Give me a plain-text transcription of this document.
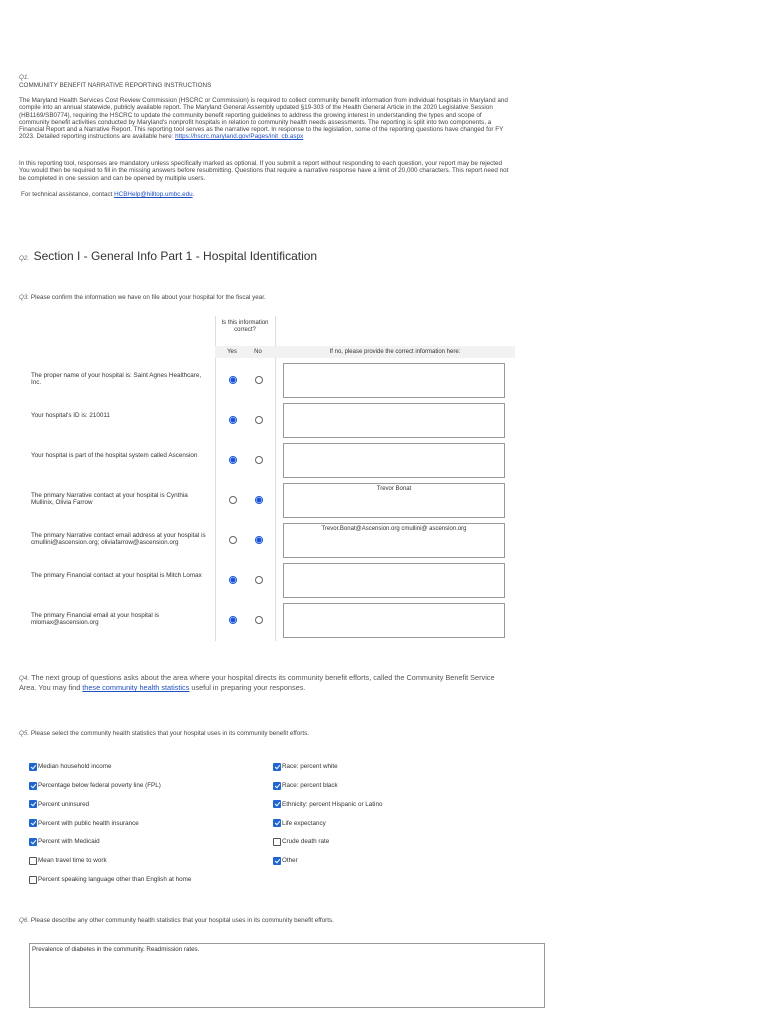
Q1.
COMMUNITY BENEFIT NARRATIVE REPORTING INSTRUCTIONS
The Maryland Health Services Cost Review Commission (HSCRC or Commission) is required to collect community benefit information from individual hospitals in Maryland and compile into an annual statewide, publicly available report. The Maryland General Assembly updated §19-303 of the Health General Article in the 2020 Legislative Session (HB1169/SB0774), requiring the HSCRC to update the community benefit reporting guidelines to address the growing interest in understanding the types and scope of community benefit activities conducted by Maryland's nonprofit hospitals in relation to community health needs assessments. The reporting is split into two components, a Financial Report and a Narrative Report. This reporting tool serves as the narrative report. In response to the legislation, some of the reporting questions have changed for FY 2023. Detailed reporting instructions are available here: https://hscrc.maryland.gov/Pages/init_cb.aspx
In this reporting tool, responses are mandatory unless specifically marked as optional. If you submit a report without responding to each question, your report may be rejected You would then be required to fill in the missing answers before resubmitting. Questions that require a narrative response have a limit of 20,000 characters. This report need not be completed in one session and can be opened by multiple users.
For technical assistance, contact HCBHelp@hilltop.umbc.edu.
Q2. Section I - General Info Part 1 - Hospital Identification
Q3. Please confirm the information we have on file about your hospital for the fiscal year.
Is this information correct?
Yes	No	If no, please provide the correct information here:
The proper name of your hospital is: Saint Agnes Healthcare, Inc.
Your hospital's ID is: 210011
Your hospital is part of the hospital system called Ascension
The primary Narrative contact at your hospital is Cynthia Mullinix, Olivia Farrow
Trevor Bonat
The primary Narrative contact email address at your hospital is cmullini@ascension.org; oliviafarrow@ascension.org
Trevor.Bonat@Ascension.org cmullini@ ascension.org
The primary Financial contact at your hospital is Mitch Lomax
The primary Financial email at your hospital is mlomax@ascension.org
Q4. The next group of questions asks about the area where your hospital directs its community benefit efforts, called the Community Benefit Service Area. You may find these community health statistics useful in preparing your responses.
Q5. Please select the community health statistics that your hospital uses in its community benefit efforts.
Median household income
Percentage below federal poverty line (FPL)
Percent uninsured
Percent with public health insurance
Percent with Medicaid
Mean travel time to work
Percent speaking language other than English at home
Race: percent white
Race: percent black
Ethnicity: percent Hispanic or Latino
Life expectancy
Crude death rate
Other
Q6. Please describe any other community health statistics that your hospital uses in its community benefit efforts.
Prevalence of diabetes in the community. Readmission rates.
